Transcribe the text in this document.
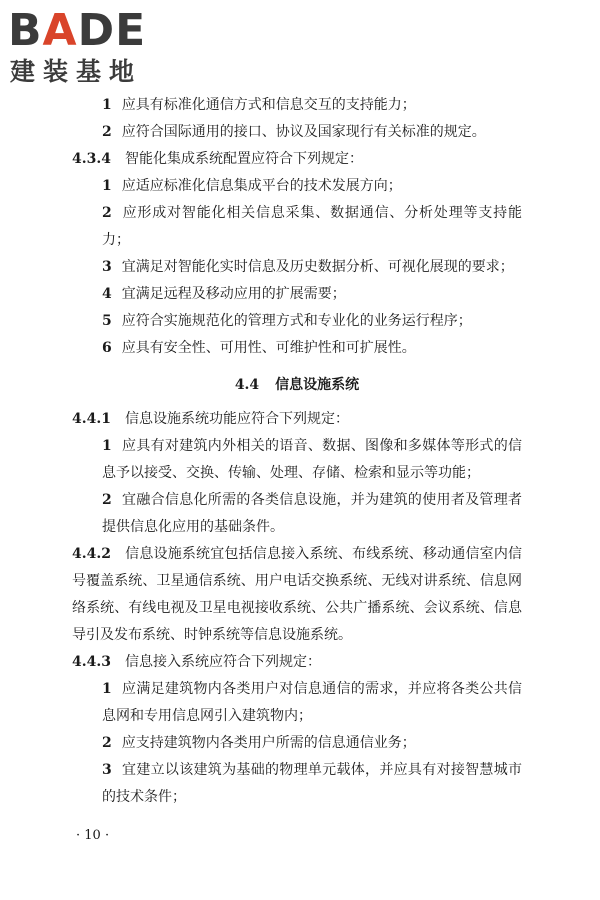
BADE
建装基地
1 应具有标准化通信方式和信息交互的支持能力；
2 应符合国际通用的接口、协议及国家现行有关标准的规定。
4.3.4 智能化集成系统配置应符合下列规定：
1 应适应标准化信息集成平台的技术发展方向；
2 应形成对智能化相关信息采集、数据通信、分析处理等支持能力；
3 宜满足对智能化实时信息及历史数据分析、可视化展现的要求；
4 宜满足远程及移动应用的扩展需要；
5 应符合实施规范化的管理方式和专业化的业务运行程序；
6 应具有安全性、可用性、可维护性和可扩展性。
4.4 信息设施系统
4.4.1 信息设施系统功能应符合下列规定：
1 应具有对建筑内外相关的语音、数据、图像和多媒体等形式的信息予以接受、交换、传输、处理、存储、检索和显示等功能；
2 宜融合信息化所需的各类信息设施，并为建筑的使用者及管理者提供信息化应用的基础条件。
4.4.2 信息设施系统宜包括信息接入系统、布线系统、移动通信室内信号覆盖系统、卫星通信系统、用户电话交换系统、无线对讲系统、信息网络系统、有线电视及卫星电视接收系统、公共广播系统、会议系统、信息导引及发布系统、时钟系统等信息设施系统。
4.4.3 信息接入系统应符合下列规定：
1 应满足建筑物内各类用户对信息通信的需求，并应将各类公共信息网和专用信息网引入建筑物内；
2 应支持建筑物内各类用户所需的信息通信业务；
3 宜建立以该建筑为基础的物理单元载体，并应具有对接智慧城市的技术条件；
· 10 ·
